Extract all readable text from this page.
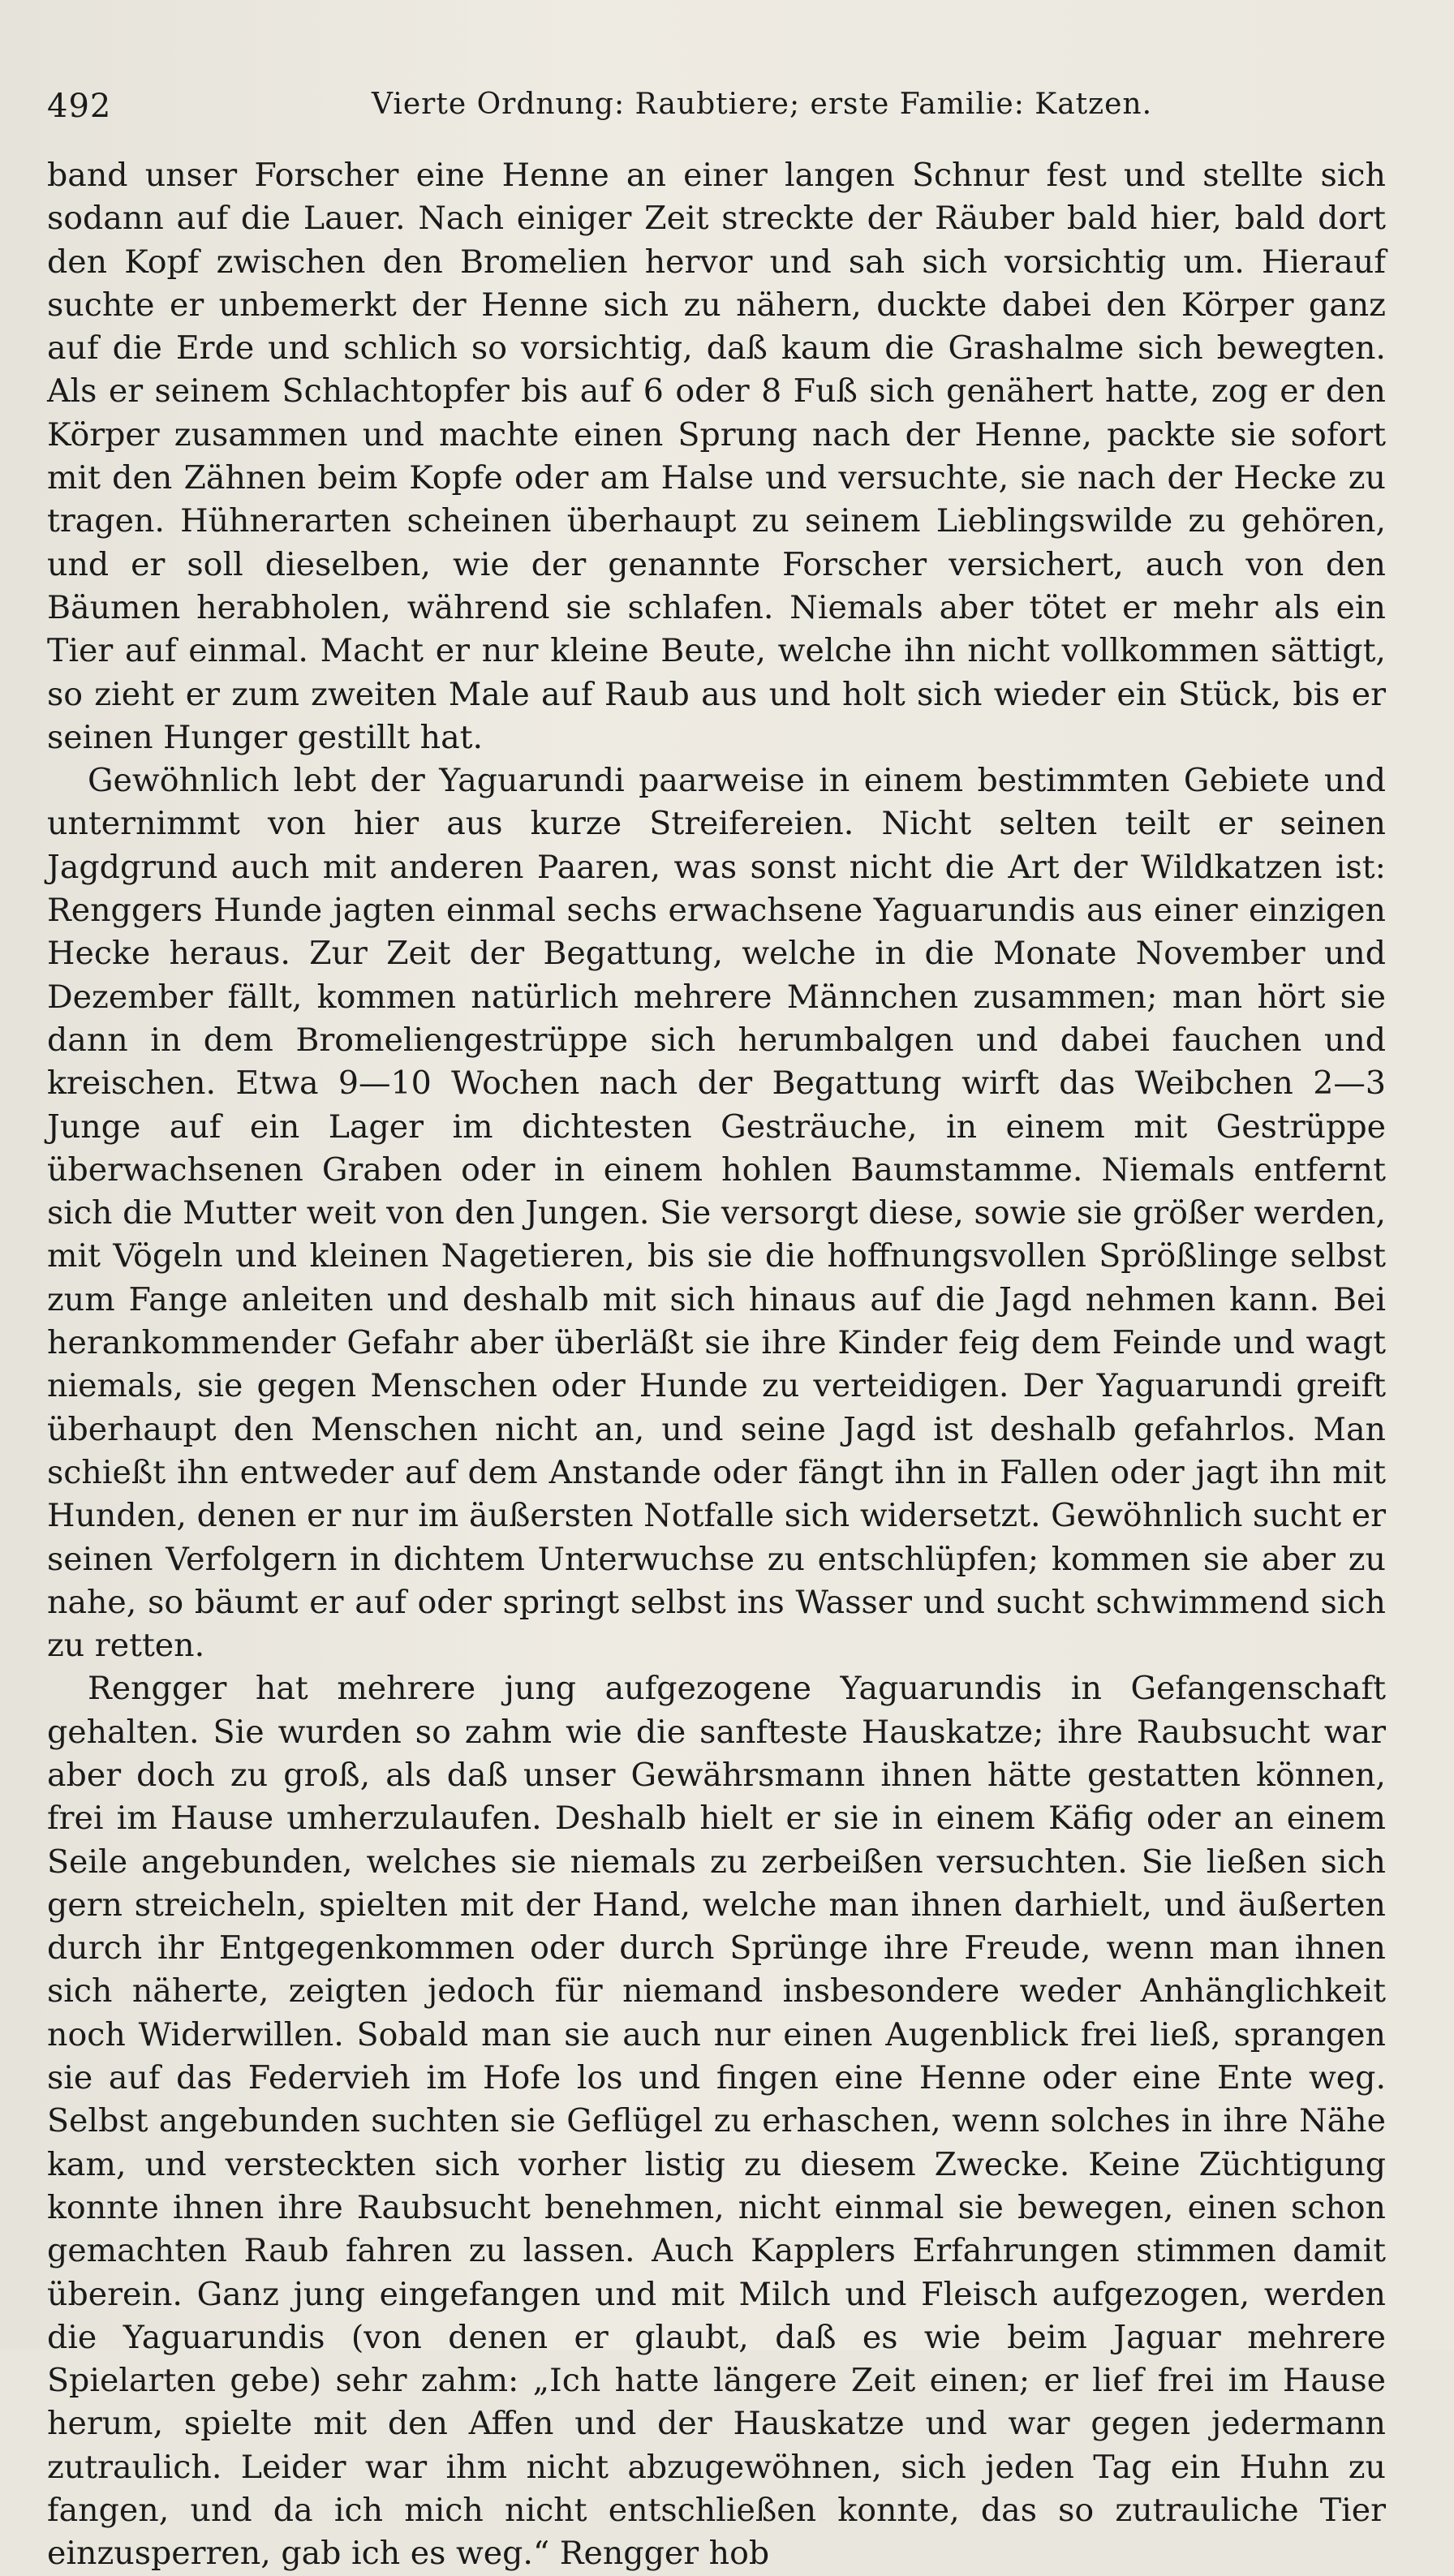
492	Vierte Ordnung: Raubtiere; erste Familie: Katzen.

band unser Forscher eine Henne an einer langen Schnur fest und stellte sich sodann auf die Lauer. Nach einiger Zeit streckte der Räuber bald hier, bald dort den Kopf zwischen den Bromelien hervor und sah sich vorsichtig um. Hierauf suchte er unbemerkt der Henne sich zu nähern, duckte dabei den Körper ganz auf die Erde und schlich so vorsichtig, daß kaum die Grashalme sich bewegten. Als er seinem Schlachtopfer bis auf 6 oder 8 Fuß sich genähert hatte, zog er den Körper zusammen und machte einen Sprung nach der Henne, packte sie sofort mit den Zähnen beim Kopfe oder am Halse und versuchte, sie nach der Hecke zu tragen. Hühnerarten scheinen überhaupt zu seinem Lieblingswilde zu gehören, und er soll dieselben, wie der genannte Forscher versichert, auch von den Bäumen herabholen, während sie schlafen. Niemals aber tötet er mehr als ein Tier auf einmal. Macht er nur kleine Beute, welche ihn nicht vollkommen sättigt, so zieht er zum zweiten Male auf Raub aus und holt sich wieder ein Stück, bis er seinen Hunger gestillt hat.

Gewöhnlich lebt der Yaguarundi paarweise in einem bestimmten Gebiete und unternimmt von hier aus kurze Streifereien. Nicht selten teilt er seinen Jagdgrund auch mit anderen Paaren, was sonst nicht die Art der Wildkatzen ist: Renggers Hunde jagten einmal sechs erwachsene Yaguarundis aus einer einzigen Hecke heraus. Zur Zeit der Begattung, welche in die Monate November und Dezember fällt, kommen natürlich mehrere Männchen zusammen; man hört sie dann in dem Bromeliengestrüppe sich herumbalgen und dabei fauchen und kreischen. Etwa 9—10 Wochen nach der Begattung wirft das Weibchen 2—3 Junge auf ein Lager im dichtesten Gesträuche, in einem mit Gestrüppe überwachsenen Graben oder in einem hohlen Baumstamme. Niemals entfernt sich die Mutter weit von den Jungen. Sie versorgt diese, sowie sie größer werden, mit Vögeln und kleinen Nagetieren, bis sie die hoffnungsvollen Sprößlinge selbst zum Fange anleiten und deshalb mit sich hinaus auf die Jagd nehmen kann. Bei herankommender Gefahr aber überläßt sie ihre Kinder feig dem Feinde und wagt niemals, sie gegen Menschen oder Hunde zu verteidigen. Der Yaguarundi greift überhaupt den Menschen nicht an, und seine Jagd ist deshalb gefahrlos. Man schießt ihn entweder auf dem Anstande oder fängt ihn in Fallen oder jagt ihn mit Hunden, denen er nur im äußersten Notfalle sich widersetzt. Gewöhnlich sucht er seinen Verfolgern in dichtem Unterwuchse zu entschlüpfen; kommen sie aber zu nahe, so bäumt er auf oder springt selbst ins Wasser und sucht schwimmend sich zu retten.

Rengger hat mehrere jung aufgezogene Yaguarundis in Gefangenschaft gehalten. Sie wurden so zahm wie die sanfteste Hauskatze; ihre Raubsucht war aber doch zu groß, als daß unser Gewährsmann ihnen hätte gestatten können, frei im Hause umherzulaufen. Deshalb hielt er sie in einem Käfig oder an einem Seile angebunden, welches sie niemals zu zerbeißen versuchten. Sie ließen sich gern streicheln, spielten mit der Hand, welche man ihnen darhielt, und äußerten durch ihr Entgegenkommen oder durch Sprünge ihre Freude, wenn man ihnen sich näherte, zeigten jedoch für niemand insbesondere weder Anhänglichkeit noch Widerwillen. Sobald man sie auch nur einen Augenblick frei ließ, sprangen sie auf das Federvieh im Hofe los und fingen eine Henne oder eine Ente weg. Selbst angebunden suchten sie Geflügel zu erhaschen, wenn solches in ihre Nähe kam, und versteckten sich vorher listig zu diesem Zwecke. Keine Züchtigung konnte ihnen ihre Raubsucht benehmen, nicht einmal sie bewegen, einen schon gemachten Raub fahren zu lassen. Auch Kapplers Erfahrungen stimmen damit überein. Ganz jung eingefangen und mit Milch und Fleisch aufgezogen, werden die Yaguarundis (von denen er glaubt, daß es wie beim Jaguar mehrere Spielarten gebe) sehr zahm: „Ich hatte längere Zeit einen; er lief frei im Hause herum, spielte mit den Affen und der Hauskatze und war gegen jedermann zutraulich. Leider war ihm nicht abzugewöhnen, sich jeden Tag ein Huhn zu fangen, und da ich mich nicht entschließen konnte, das so zutrauliche Tier einzusperren, gab ich es weg.“ Rengger hob
